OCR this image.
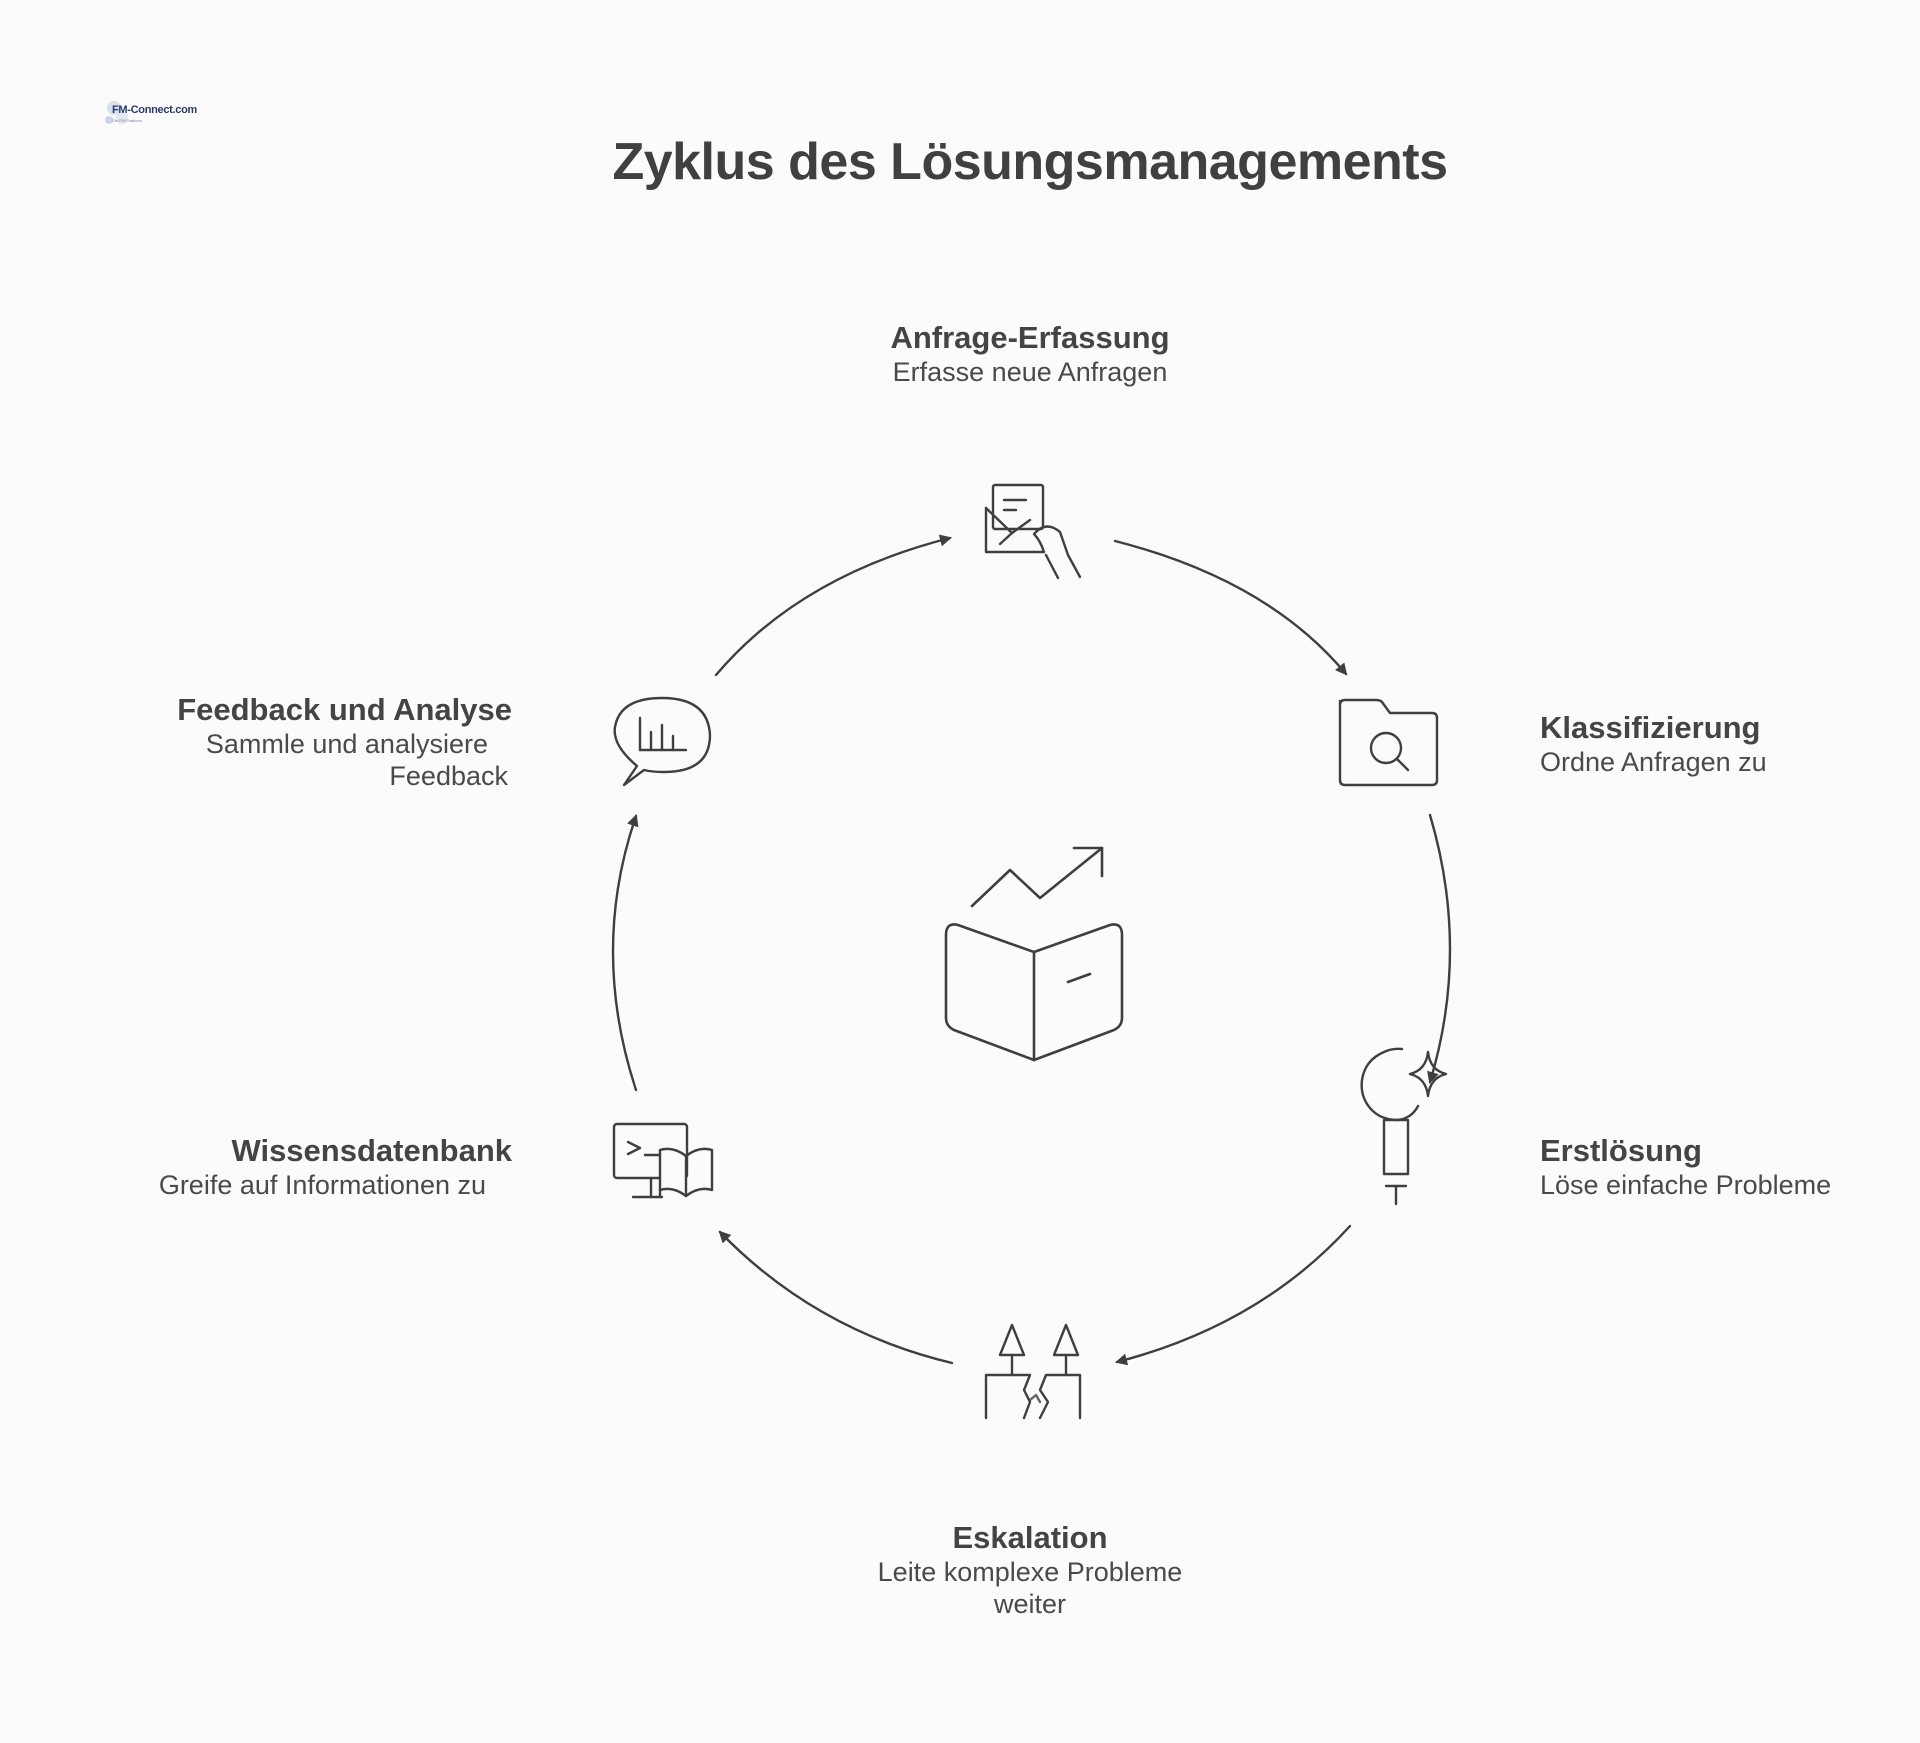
FM-Connect.com
Die FM-Plattform
Zyklus des Lösungsmanagements
Anfrage-Erfassung
Erfasse neue Anfragen
Klassifizierung
Ordne Anfragen zu
Erstlösung
Löse einfache Probleme
Eskalation
Leite komplexe Probleme
weiter
Wissensdatenbank
Greife auf Informationen zu
Feedback und Analyse
Sammle und analysiere
Feedback
